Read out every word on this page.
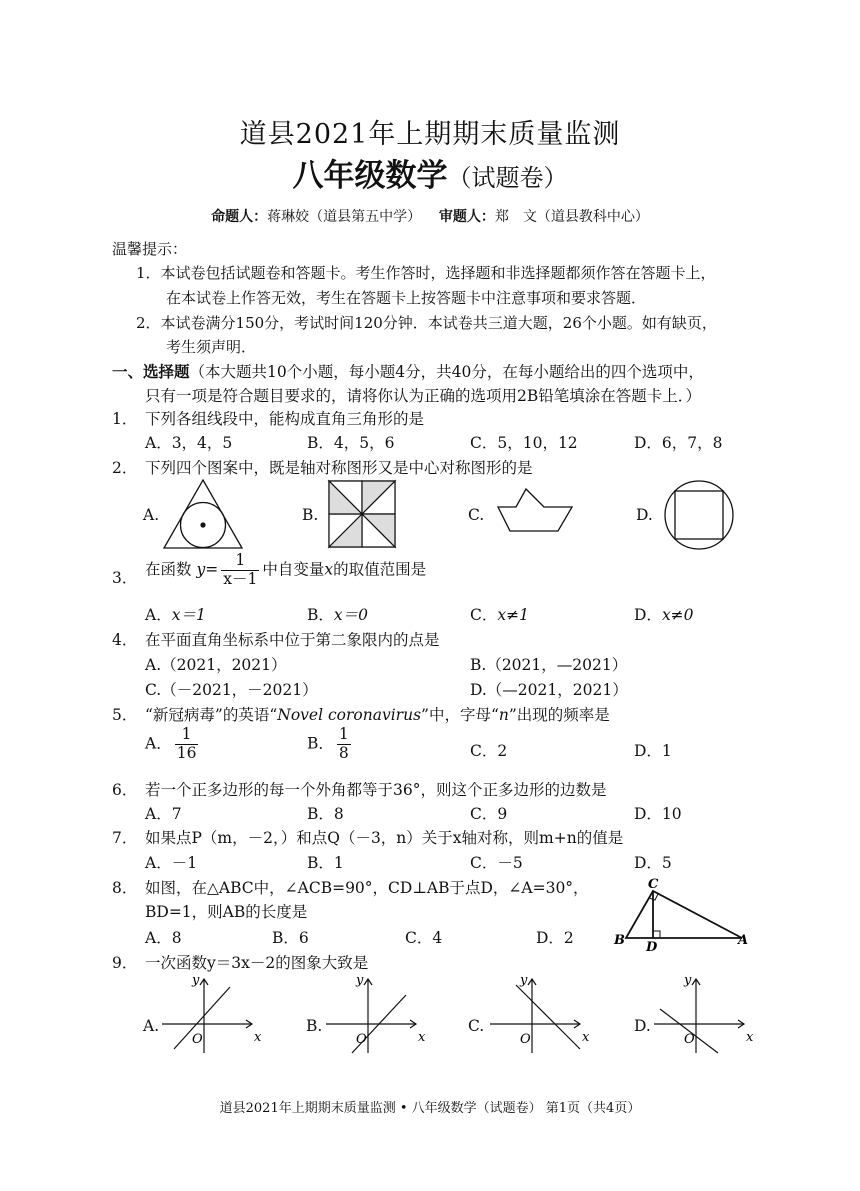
道县2021年上期期末质量监测
八年级数学（试题卷）
命题人：蒋琳姣（道县第五中学） 审题人：郑　文（道县教科中心）
温馨提示：
1．本试卷包括试题卷和答题卡。考生作答时，选择题和非选择题都须作答在答题卡上，
在本试卷上作答无效，考生在答题卡上按答题卡中注意事项和要求答题．
2．本试卷满分150分，考试时间120分钟．本试卷共三道大题，26个小题。如有缺页，
考生须声明．
一、选择题（本大题共10个小题，每小题4分，共40分，在每小题给出的四个选项中，
只有一项是符合题目要求的，请将你认为正确的选项用2B铅笔填涂在答题卡上．）
1． 下列各组线段中，能构成直角三角形的是
A．3，4，5	B．4，5，6	C．5，10，12	D．6，7，8
2． 下列四个图案中，既是轴对称图形又是中心对称图形的是
A.	B.	C.	D.
3． 在函数 $y= \frac{1}{x-1}$ 中自变量x的取值范围是
A．x＝1	B．x＝0	C．x≠1	D．x≠0
4． 在平面直角坐标系中位于第二象限内的点是
A.（2021，2021）	B.（2021，—2021）
C.（－2021，－2021）	D.（—2021，2021）
5． “新冠病毒”的英语“Novel coronavirus”中，字母“n”出现的频率是
A． $\frac{1}{16}$	B． $\frac{1}{8}$	C．2	D．1
6． 若一个正多边形的每一个外角都等于36°，则这个正多边形的边数是
A．7	B．8	C．9	D．10
7． 如果点P（m，－2，）和点Q（－3，n）关于x轴对称，则m+n的值是
A．－1	B．1	C．－5	D．5
8． 如图，在△ABC中，∠ACB=90°，CD⊥AB于点D，∠A=30°，
BD=1，则AB的长度是
A．8	B．6	C．4	D．2
C
B D	A
9． 一次函数y＝3x－2的图象大致是
A.	B.	C.	D.
y
x
O
y
x
O
y
x
O
y
x
O
道县2021年上期期末质量监测 • 八年级数学（试题卷） 第1页（共4页）
